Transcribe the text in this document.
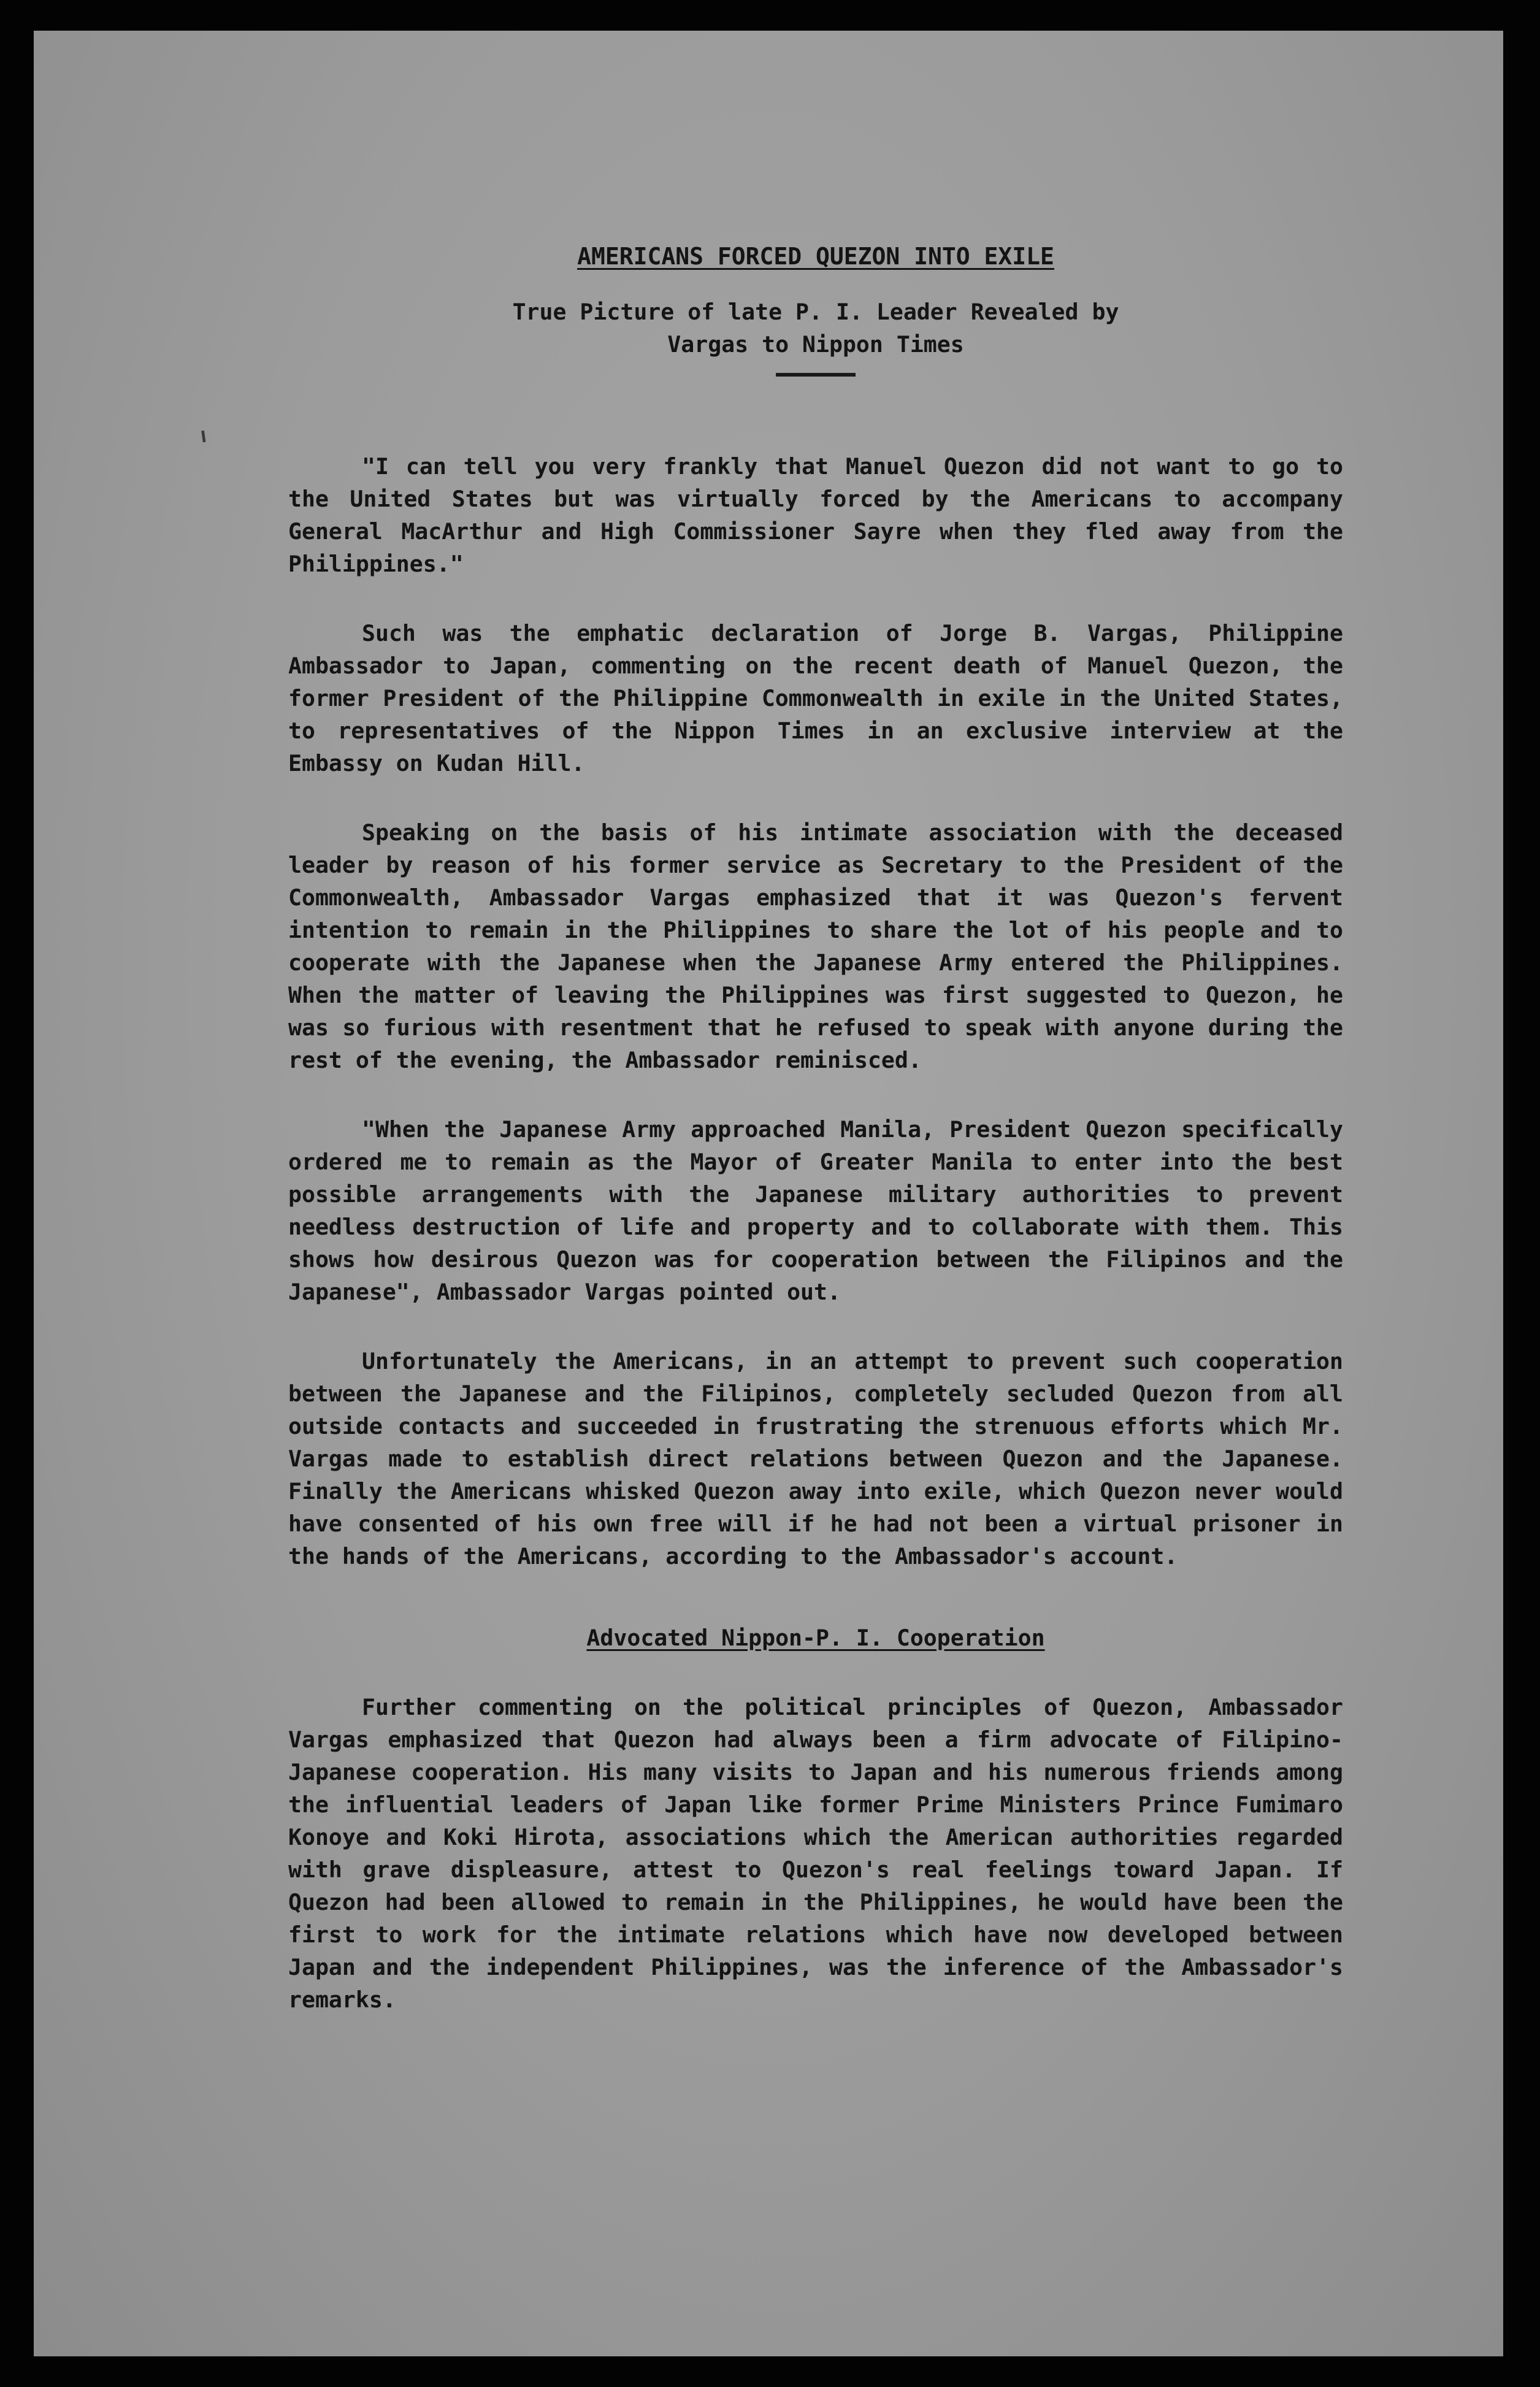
ˈ
AMERICANS FORCED QUEZON INTO EXILE
True Picture of late P. I. Leader Revealed by
Vargas to Nippon Times

"I can tell you very frankly that Manuel Quezon did not want to go to the United States but was virtually forced by the Americans to accompany General MacArthur and High Commissioner Sayre when they fled away from the Philippines."

Such was the emphatic declaration of Jorge B. Vargas, Philippine Ambassador to Japan, commenting on the recent death of Manuel Quezon, the former President of the Philippine Commonwealth in exile in the United States, to representatives of the Nippon Times in an exclusive interview at the Embassy on Kudan Hill.

Speaking on the basis of his intimate association with the deceased leader by reason of his former service as Secretary to the President of the Commonwealth, Ambassador Vargas emphasized that it was Quezon's fervent intention to remain in the Philippines to share the lot of his people and to cooperate with the Japanese when the Japanese Army entered the Philippines. When the matter of leaving the Philippines was first suggested to Quezon, he was so furious with resentment that he refused to speak with anyone during the rest of the evening, the Ambassador reminisced.

"When the Japanese Army approached Manila, President Quezon specifically ordered me to remain as the Mayor of Greater Manila to enter into the best possible arrangements with the Japanese military authorities to prevent needless destruction of life and property and to collaborate with them. This shows how desirous Quezon was for cooperation between the Filipinos and the Japanese", Ambassador Vargas pointed out.

Unfortunately the Americans, in an attempt to prevent such cooperation between the Japanese and the Filipinos, completely secluded Quezon from all outside contacts and succeeded in frustrating the strenuous efforts which Mr. Vargas made to establish direct relations between Quezon and the Japanese. Finally the Americans whisked Quezon away into exile, which Quezon never would have consented of his own free will if he had not been a virtual prisoner in the hands of the Americans, according to the Ambassador's account.

Advocated Nippon-P. I. Cooperation

Further commenting on the political principles of Quezon, Ambassador Vargas emphasized that Quezon had always been a firm advocate of Filipino-Japanese cooperation. His many visits to Japan and his numerous friends among the influential leaders of Japan like former Prime Ministers Prince Fumimaro Konoye and Koki Hirota, associations which the American authorities regarded with grave displeasure, attest to Quezon's real feelings toward Japan. If Quezon had been allowed to remain in the Philippines, he would have been the first to work for the intimate relations which have now developed between Japan and the independent Philippines, was the inference of the Ambassador's remarks.
